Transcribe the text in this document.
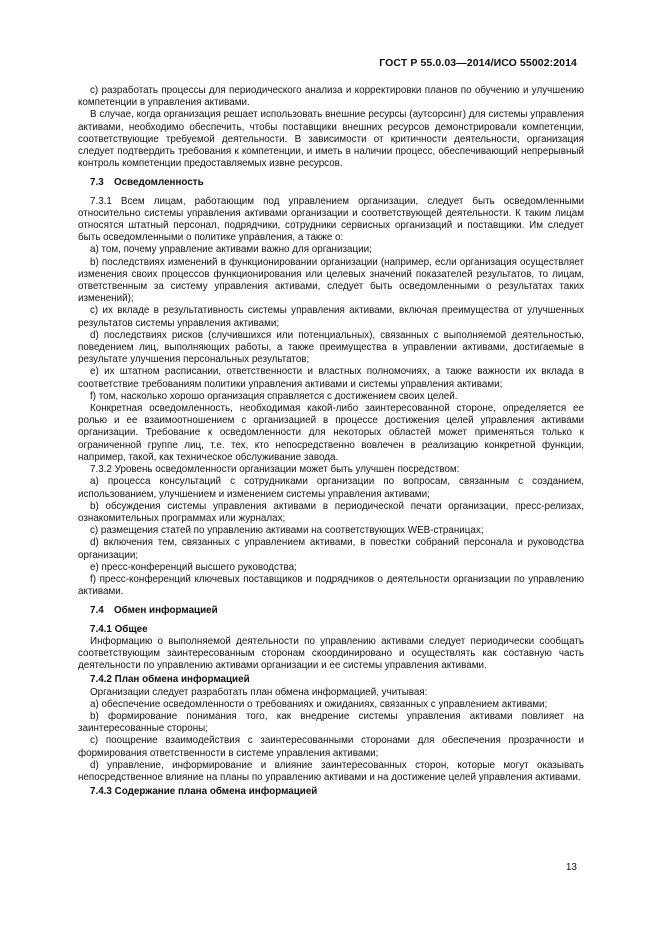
ГОСТ Р 55.0.03—2014/ИСО 55002:2014

c) разработать процессы для периодического анализа и корректировки планов по обучению и улучшению компетенции в управления активами.

В случае, когда организация решает использовать внешние ресурсы (аутсорсинг) для системы управления активами, необходимо обеспечить, чтобы поставщики внешних ресурсов демонстрировали компетенции, соответствующие требуемой деятельности. В зависимости от критичности деятельности, организация следует подтвердить требования к компетенции, и иметь в наличии процесс, обеспечивающий непрерывный контроль компетенции предоставляемых извне ресурсов.

7.3 Осведомленность

7.3.1 Всем лицам, работающим под управлением организации, следует быть осведомленными относительно системы управления активами организации и соответствующей деятельности. К таким лицам относятся штатный персонал, подрядчики, сотрудники сервисных организаций и поставщики. Им следует быть осведомленными о политике управления, а также о:

a) том, почему управление активами важно для организации;

b) последствиях изменений в функционировании организации (например, если организация осуществляет изменения своих процессов функционирования или целевых значений показателей результатов, то лицам, ответственным за систему управления активами, следует быть осведомленными о результатах таких изменений);

c) их вкладе в результативность системы управления активами, включая преимущества от улучшенных результатов системы управления активами;

d) последствиях рисков (случившихся или потенциальных), связанных с выполняемой деятельностью, поведением лиц, выполняющих работы, а также преимущества в управлении активами, достигаемые в результате улучшения персональных результатов;

e) их штатном расписании, ответственности и властных полномочиях, а также важности их вклада в соответствие требованиям политики управления активами и системы управления активами;

f) том, насколько хорошо организация справляется с достижением своих целей.

Конкретная осведомленность, необходимая какой-либо заинтересованной стороне, определяется ее ролью и ее взаимоотношением с организацией в процессе достижения целей управления активами организации. Требование к осведомленности для некоторых областей может применяться только к ограниченной группе лиц, т.е. тех, кто непосредственно вовлечен в реализацию конкретной функции, например, такой, как техническое обслуживание завода.

7.3.2 Уровень осведомленности организации может быть улучшен посредством:

a) процесса консультаций с сотрудниками организации по вопросам, связанным с созданием, использованием, улучшением и изменением системы управления активами;

b) обсуждения системы управления активами в периодической печати организации, пресс-релизах, ознакомительных программах или журналах;

c) размещения статей по управлению активами на соответствующих WEB-страницах;

d) включения тем, связанных с управлением активами, в повестки собраний персонала и руководства организации;

e) пресс-конференций высшего руководства;

f) пресс-конференций ключевых поставщиков и подрядчиков о деятельности организации по управлению активами.

7.4 Обмен информацией
7.4.1 Общее

Информацию о выполняемой деятельности по управлению активами следует периодически сообщать соответствующим заинтересованным сторонам скоординировано и осуществлять как составную часть деятельности по управлению активами организации и ее системы управления активами.

7.4.2 План обмена информацией

Организации следует разработать план обмена информацией, учитывая:

a) обеспечение осведомленности о требованиях и ожиданиях, связанных с управлением активами;

b) формирование понимания того, как внедрение системы управления активами повлияет на заинтересованные стороны;

c) поощрение взаимодействия с заинтересованными сторонами для обеспечения прозрачности и формирования ответственности в системе управления активами;

d) управление, информирование и влияние заинтересованных сторон, которые могут оказывать непосредственное влияние на планы по управлению активами и на достижение целей управления активами.

7.4.3 Содержание плана обмена информацией
13
